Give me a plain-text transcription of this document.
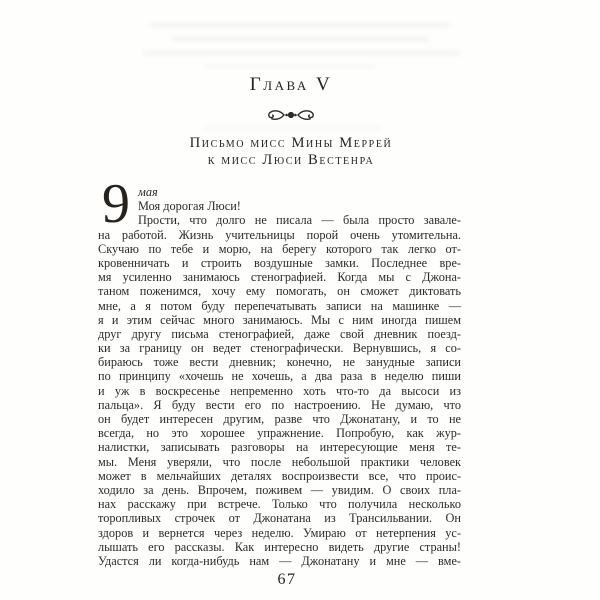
Глава V
Письмо мисс Мины Меррей
к мисс Люси Вестенра
9 мая
Моя дорогая Люси!
Прости, что долго не писала — была просто завале-
на работой. Жизнь учительницы порой очень утомительна.
Скучаю по тебе и морю, на берегу которого так легко от-
кровенничать и строить воздушные замки. Последнее вре-
мя усиленно занимаюсь стенографией. Когда мы с Джона-
таном поженимся, хочу ему помогать, он сможет диктовать
мне, а я потом буду перепечатывать записи на машинке —
я и этим сейчас много занимаюсь. Мы с ним иногда пишем
друг другу письма стенографией, даже свой дневник поезд-
ки за границу он ведет стенографически. Вернувшись, я со-
бираюсь тоже вести дневник; конечно, не занудные записи
по принципу «хочешь не хочешь, а два раза в неделю пиши
и уж в воскресенье непременно хоть что-то да высоси из
пальца». Я буду вести его по настроению. Не думаю, что
он будет интересен другим, разве что Джонатану, и то не
всегда, но это хорошее упражнение. Попробую, как жур-
налистки, записывать разговоры на интересующие меня те-
мы. Меня уверяли, что после небольшой практики человек
может в мельчайших деталях воспроизвести все, что проис-
ходило за день. Впрочем, поживем — увидим. О своих пла-
нах расскажу при встрече. Только что получила несколько
торопливых строчек от Джонатана из Трансильвании. Он
здоров и вернется через неделю. Умираю от нетерпения ус-
лышать его рассказы. Как интересно видеть другие страны!
Удастся ли когда-нибудь нам — Джонатану и мне — вме-
67
